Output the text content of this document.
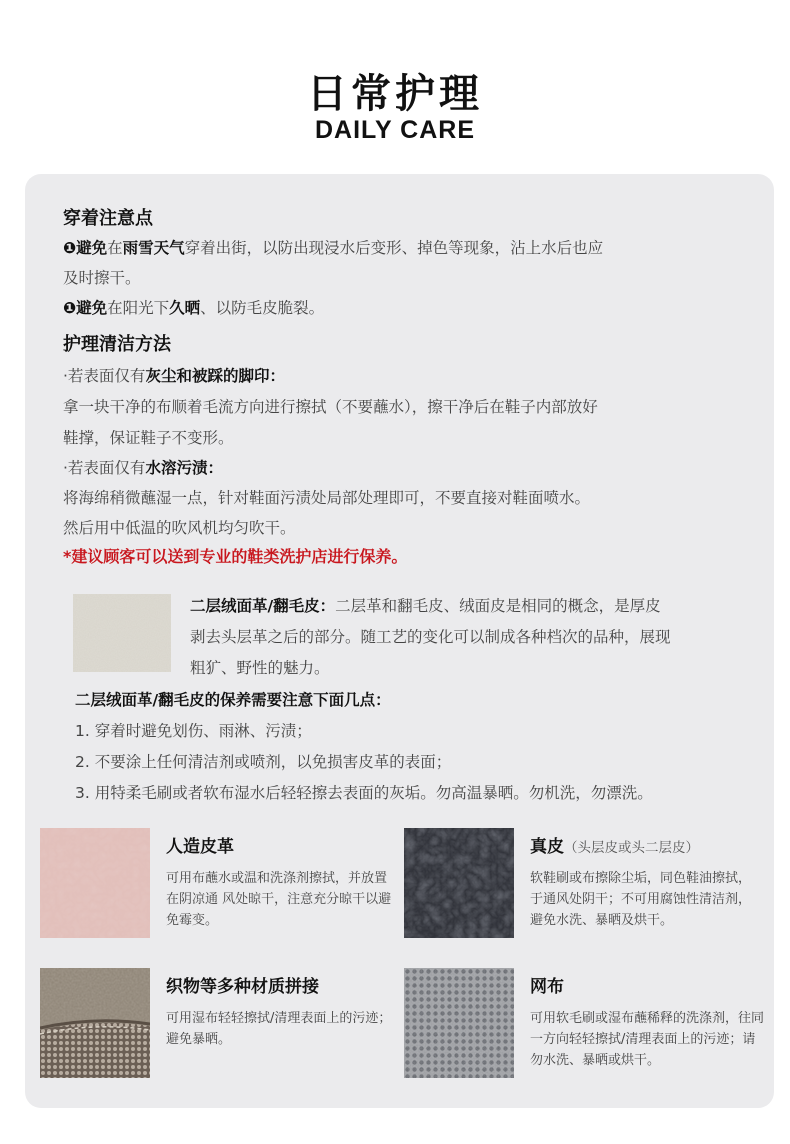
日常护理
DAILY CARE
穿着注意点
❶避免在雨雪天气穿着出街，以防出现浸水后变形、掉色等现象，沾上水后也应
及时擦干。
❶避免在阳光下久晒、以防毛皮脆裂。
护理清洁方法
·若表面仅有灰尘和被踩的脚印：
拿一块干净的布顺着毛流方向进行擦拭（不要蘸水），擦干净后在鞋子内部放好
鞋撑，保证鞋子不变形。
·若表面仅有水溶污渍：
将海绵稍微蘸湿一点，针对鞋面污渍处局部处理即可，不要直接对鞋面喷水。
然后用中低温的吹风机均匀吹干。
*建议顾客可以送到专业的鞋类洗护店进行保养。
二层绒面革/翻毛皮：二层革和翻毛皮、绒面皮是相同的概念，是厚皮
剥去头层革之后的部分。随工艺的变化可以制成各种档次的品种，展现
粗犷、野性的魅力。
二层绒面革/翻毛皮的保养需要注意下面几点：
1. 穿着时避免划伤、雨淋、污渍；
2. 不要涂上任何清洁剂或喷剂，以免损害皮革的表面；
3. 用特柔毛刷或者软布湿水后轻轻擦去表面的灰垢。勿高温暴晒。勿机洗，勿漂洗。
人造皮革
可用布蘸水或温和洗涤剂擦拭，并放置在阴凉通 风处晾干，注意充分晾干以避免霉变。
真皮（头层皮或头二层皮）
软鞋刷或布擦除尘垢，同色鞋油擦拭，于通风处阴干；不可用腐蚀性清洁剂，避免水洗、暴晒及烘干。
织物等多种材质拼接
可用湿布轻轻擦拭/清理表面上的污迹；避免暴晒。
网布
可用软毛刷或湿布蘸稀释的洗涤剂，往同一方向轻轻擦拭/清理表面上的污迹；请勿水洗、暴晒或烘干。
